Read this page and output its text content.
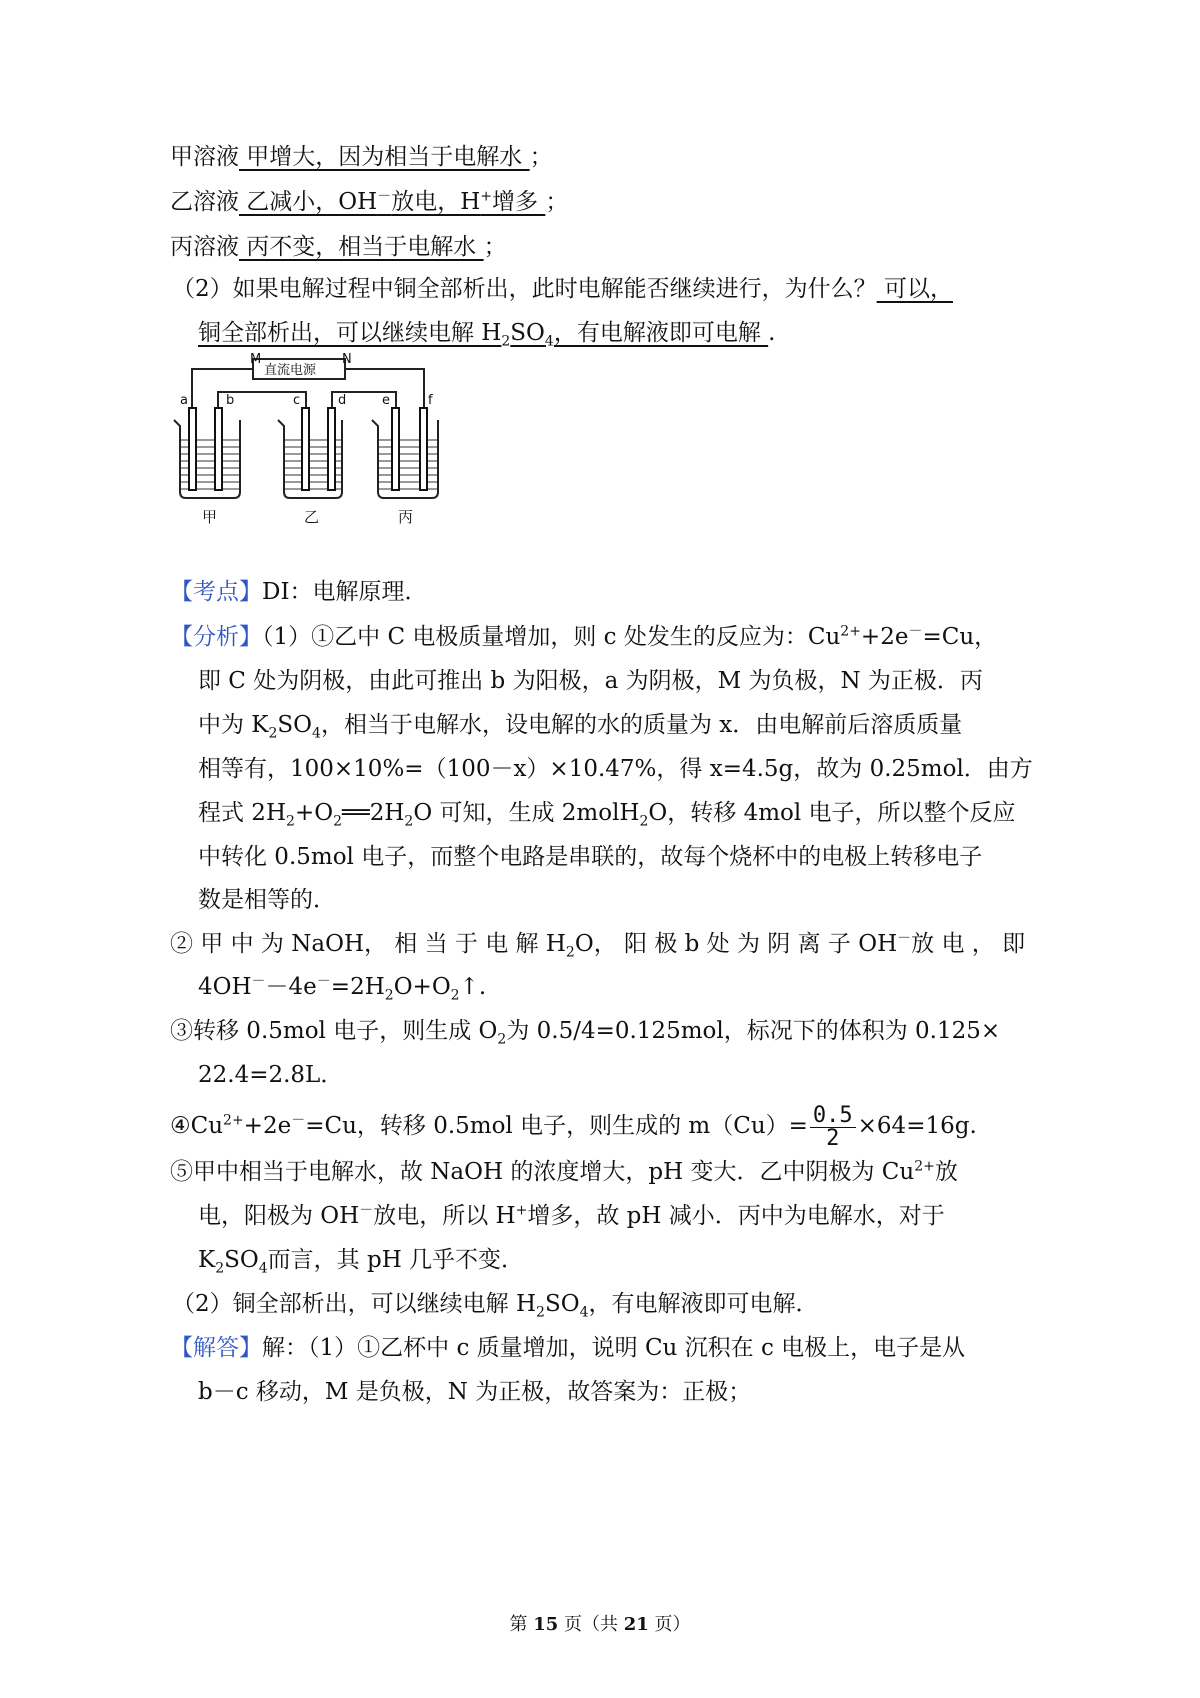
甲溶液 甲增大，因为相当于电解水 ；
乙溶液 乙减小，OH－放电，H+增多 ；
丙溶液 丙不变，相当于电解水 ；
（2）如果电解过程中铜全部析出，此时电解能否继续进行，为什么？ 可以，
铜全部析出，可以继续电解 $H_2SO_4$，有电解液即可电解 .
M	N
直流电源
a	b	c	d	e	f
甲	乙	丙
【考点】DI：电解原理．
【分析】（1）①乙中 C 电极质量增加，则 c 处发生的反应为：$Cu^{2+}+2e^-=Cu$，
即 C 处为阴极，由此可推出 b 为阳极，a 为阴极，M 为负极，N 为正极．丙
中为 $K_2SO_4$，相当于电解水，设电解的水的质量为 x．由电解前后溶质质量
相等有，100×10%=（100－x）×10.47%，得 x=4.5g，故为 0.25mol．由方
程式 $2H_2+O_2══2H_2O$ 可知，生成 2molH$_2$O，转移 4mol 电子，所以整个反应
中转化 0.5mol 电子，而整个电路是串联的，故每个烧杯中的电极上转移电子
数是相等的．
② 甲 中 为 NaOH， 相 当 于 电 解 $H_2O$， 阳 极 b 处 为 阴 离 子 OH－放 电 ， 即
$4OH^--4e^-=2H_2O+O_2↑$.
③转移 0.5mol 电子，则生成 $O_2$为 0.5/4=0.125mol，标况下的体积为 0.125×
22.4=2.8L．
$④Cu^{2+}+2e^-=Cu$，转移 0.5mol 电子，则生成的 $m(Cu)= \frac{0.5}{2} \times 64=16g$.
⑤甲中相当于电解水，故 NaOH 的浓度增大，pH 变大．乙中阴极为 $Cu^{2+}$放
电，阳极为 OH－放电，所以 H+增多，故 pH 减小．丙中为电解水，对于
$K_2SO_4$而言，其 pH 几乎不变．
（2）铜全部析出，可以继续电解 $H_2SO_4$，有电解液即可电解．
【解答】解：（1）①乙杯中 c 质量增加，说明 Cu 沉积在 c 电极上，电子是从
b－c 移动，M 是负极，N 为正极，故答案为：正极；
第 15 页（共 21 页）
